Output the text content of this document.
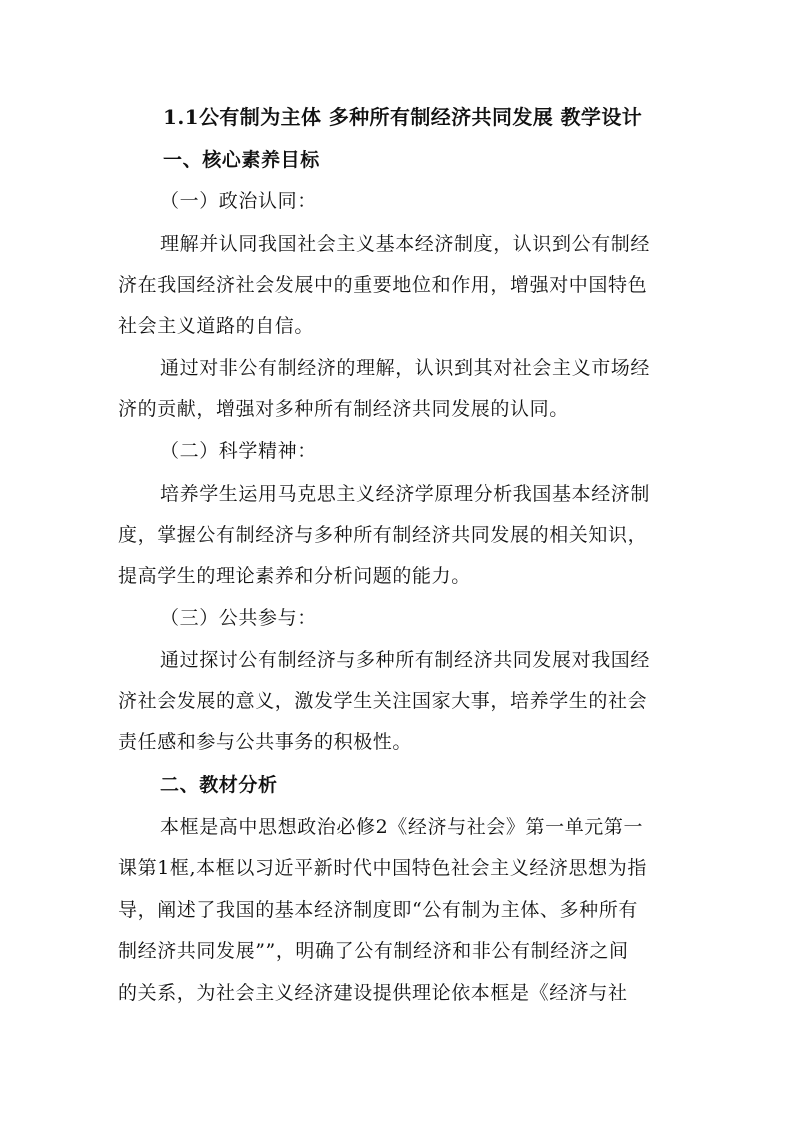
1.1公有制为主体 多种所有制经济共同发展 教学设计
一、核心素养目标
（一）政治认同：
理解并认同我国社会主义基本经济制度，认识到公有制经
济在我国经济社会发展中的重要地位和作用，增强对中国特色
社会主义道路的自信。
通过对非公有制经济的理解，认识到其对社会主义市场经
济的贡献，增强对多种所有制经济共同发展的认同。
（二）科学精神：
培养学生运用马克思主义经济学原理分析我国基本经济制
度，掌握公有制经济与多种所有制经济共同发展的相关知识，
提高学生的理论素养和分析问题的能力。
（三）公共参与：
通过探讨公有制经济与多种所有制经济共同发展对我国经
济社会发展的意义，激发学生关注国家大事，培养学生的社会
责任感和参与公共事务的积极性。
二、教材分析
本框是高中思想政治必修2《经济与社会》第一单元第一
课第1框,本框以习近平新时代中国特色社会主义经济思想为指
导，阐述了我国的基本经济制度即“公有制为主体、多种所有
制经济共同发展””，明确了公有制经济和非公有制经济之间
的关系，为社会主义经济建设提供理论依本框是《经济与社
